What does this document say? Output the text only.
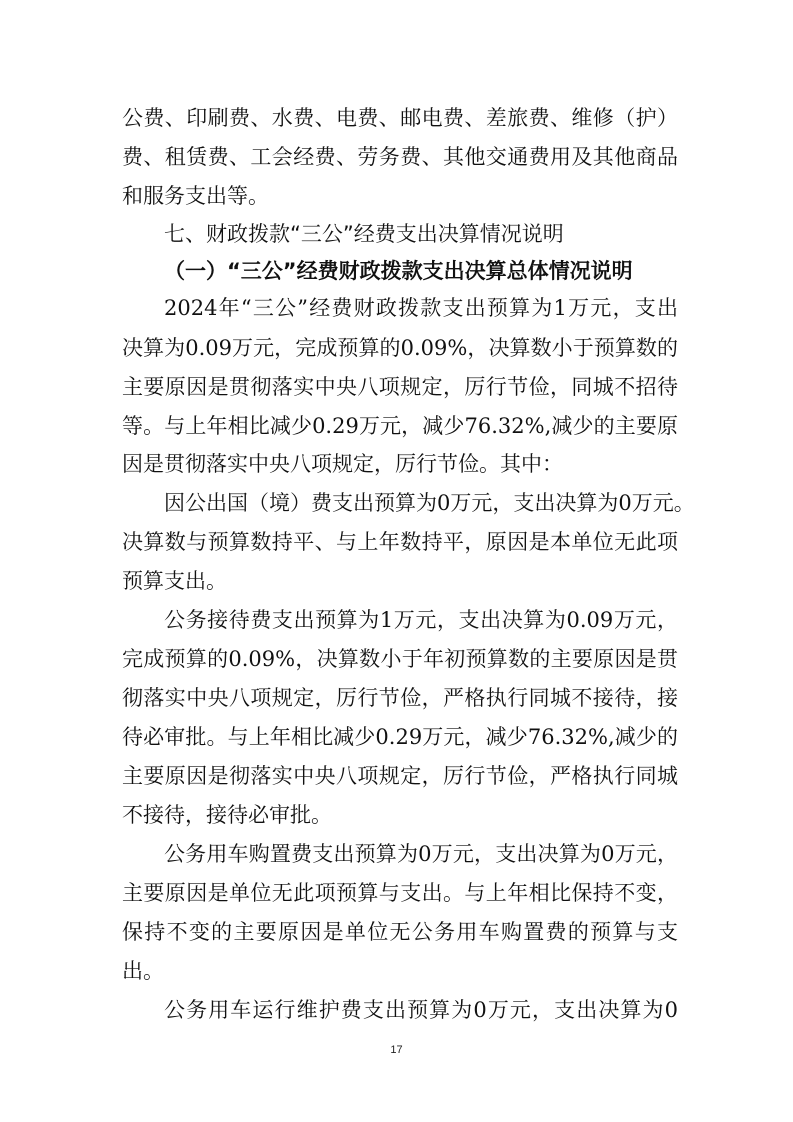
公费、印刷费、水费、电费、邮电费、差旅费、维修（护）
费、租赁费、工会经费、劳务费、其他交通费用及其他商品
和服务支出等。
七、财政拨款“三公”经费支出决算情况说明
（一）“三公”经费财政拨款支出决算总体情况说明
2024年“三公”经费财政拨款支出预算为1万元，支出
决算为0.09万元，完成预算的0.09%，决算数小于预算数的
主要原因是贯彻落实中央八项规定，厉行节俭，同城不招待
等。与上年相比减少0.29万元，减少76.32%,减少的主要原
因是贯彻落实中央八项规定，厉行节俭。其中：
因公出国（境）费支出预算为0万元，支出决算为0万元。
决算数与预算数持平、与上年数持平，原因是本单位无此项
预算支出。
公务接待费支出预算为1万元，支出决算为0.09万元，
完成预算的0.09%，决算数小于年初预算数的主要原因是贯
彻落实中央八项规定，厉行节俭，严格执行同城不接待，接
待必审批。与上年相比减少0.29万元，减少76.32%,减少的
主要原因是彻落实中央八项规定，厉行节俭，严格执行同城
不接待，接待必审批。
公务用车购置费支出预算为0万元，支出决算为0万元，
主要原因是单位无此项预算与支出。与上年相比保持不变，
保持不变的主要原因是单位无公务用车购置费的预算与支
出。
公务用车运行维护费支出预算为0万元，支出决算为0
17
